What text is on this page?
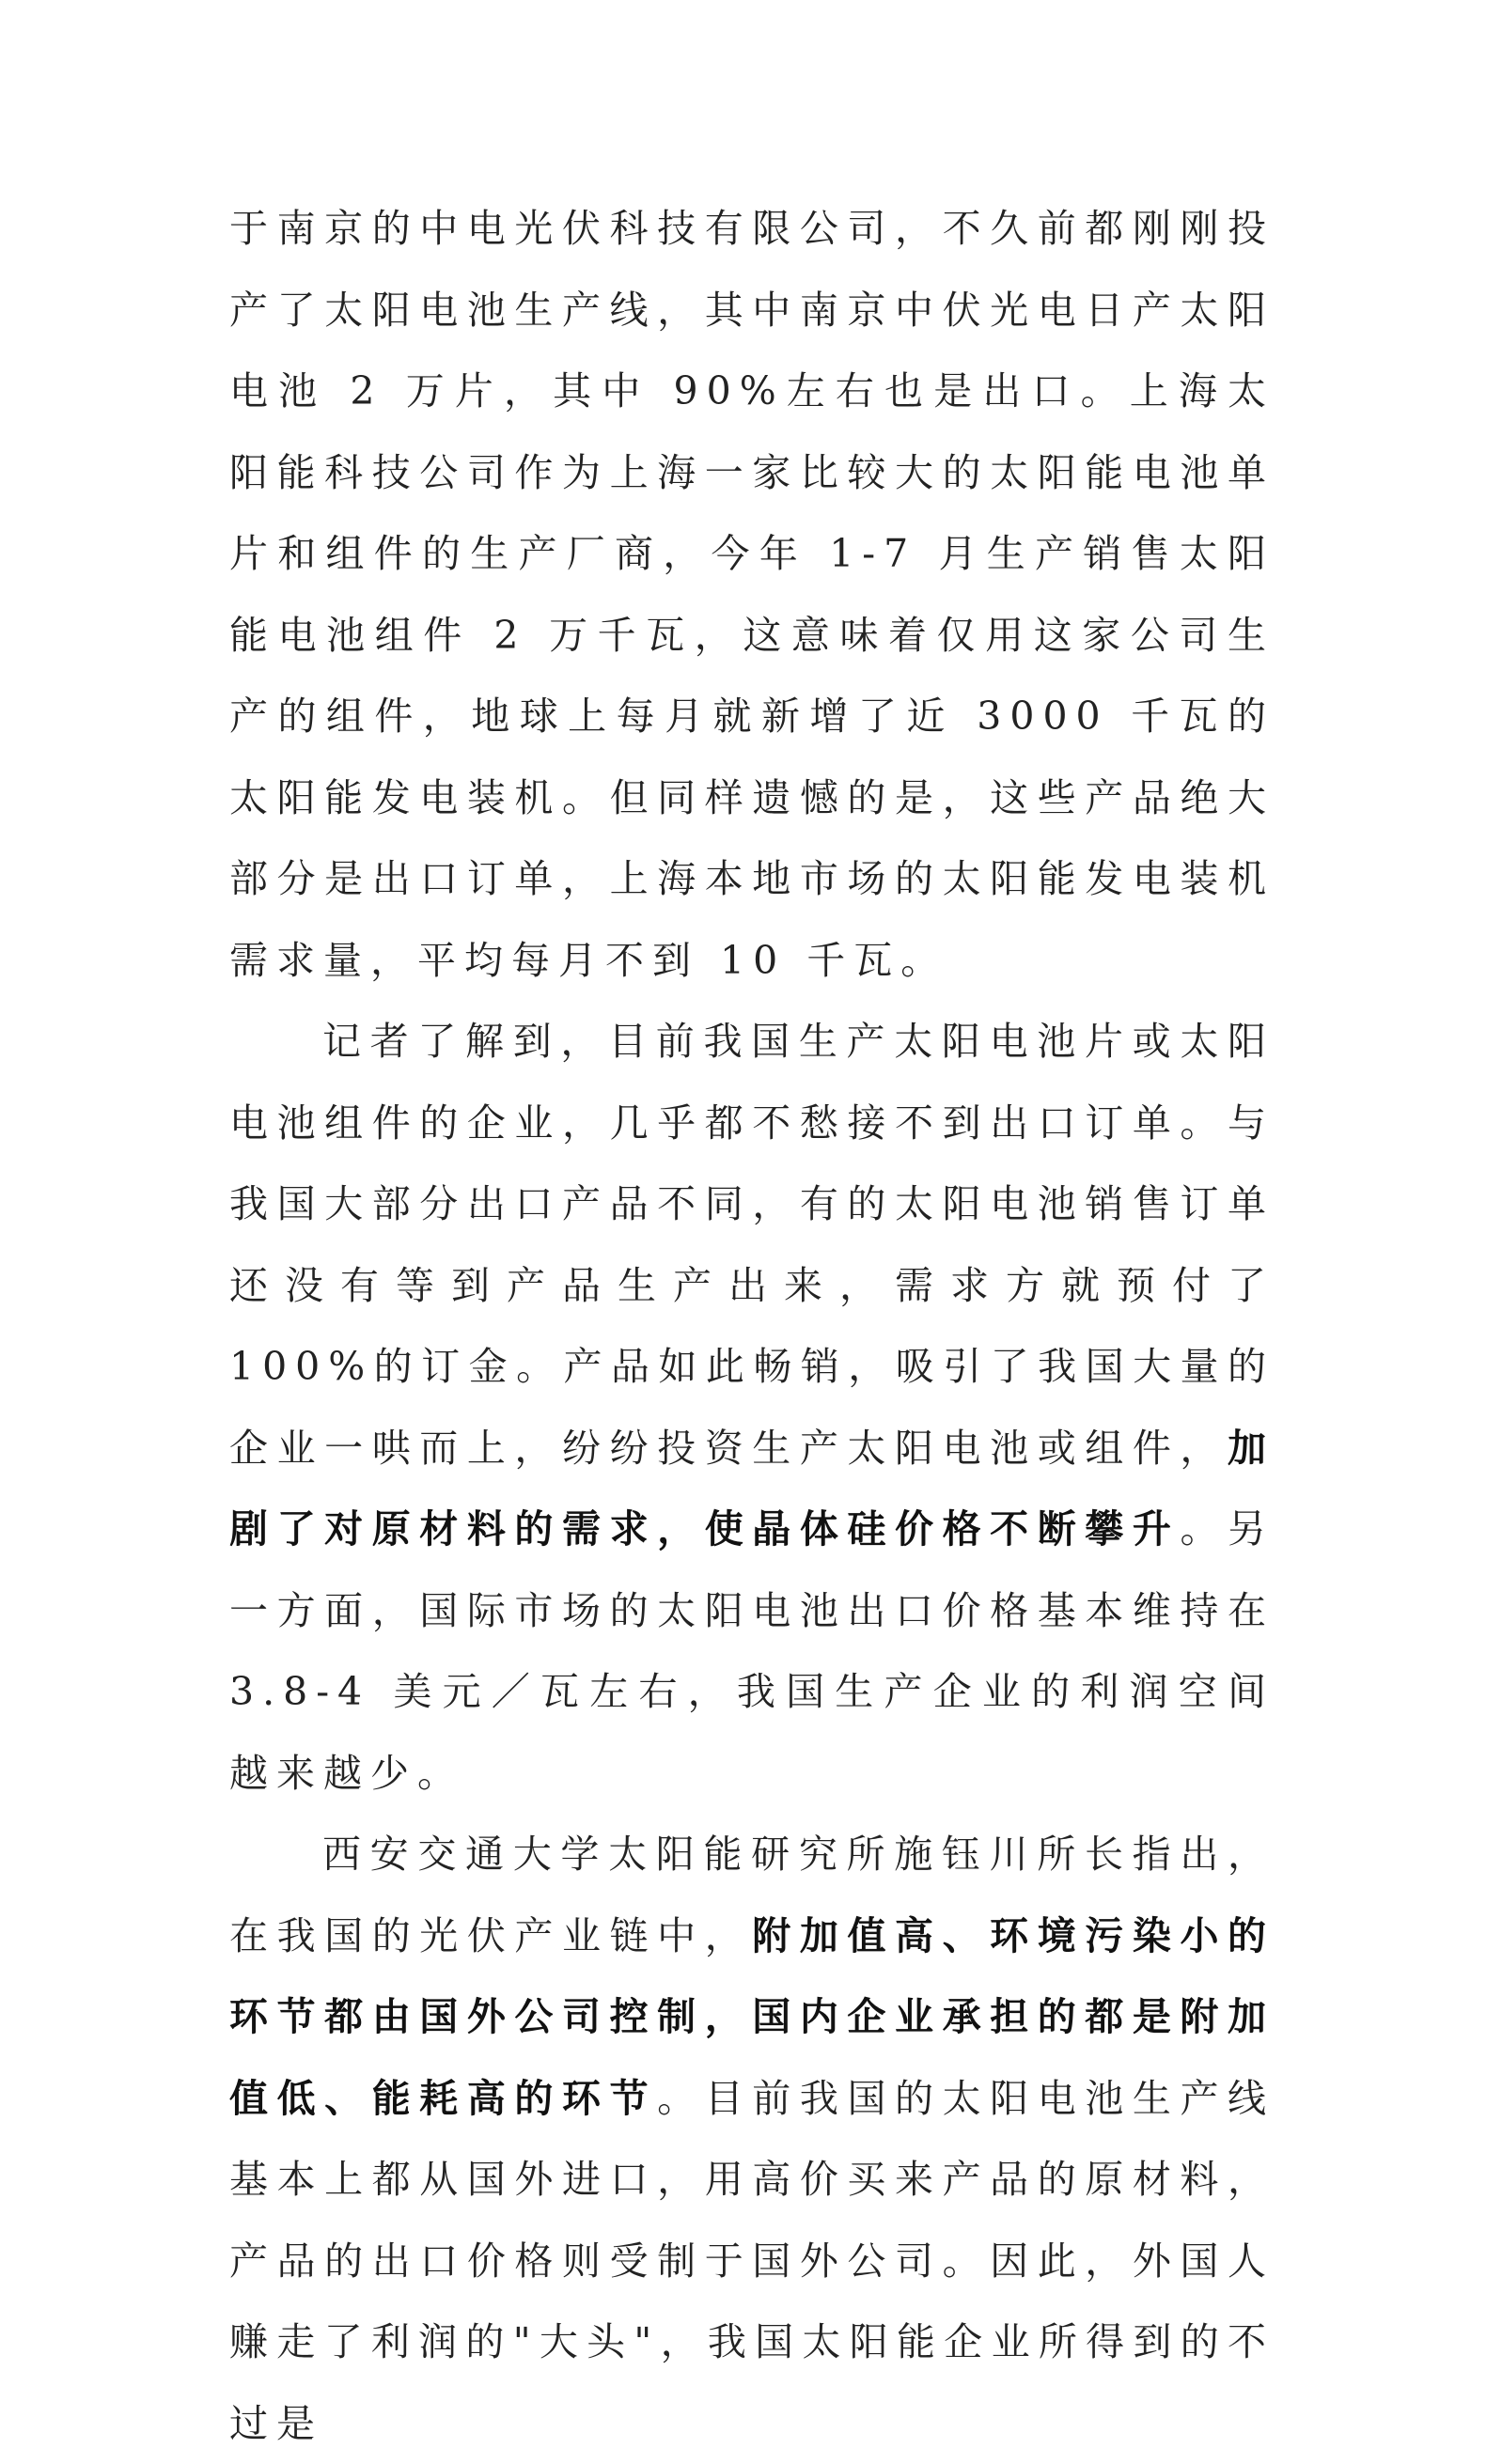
于南京的中电光伏科技有限公司，不久前都刚刚投产了太阳电池生产线，其中南京中伏光电日产太阳电池 2 万片，其中 90%左右也是出口。上海太阳能科技公司作为上海一家比较大的太阳能电池单片和组件的生产厂商，今年 1-7 月生产销售太阳能电池组件 2 万千瓦，这意味着仅用这家公司生产的组件，地球上每月就新增了近 3000 千瓦的太阳能发电装机。但同样遗憾的是，这些产品绝大部分是出口订单，上海本地市场的太阳能发电装机需求量，平均每月不到 10 千瓦。

记者了解到，目前我国生产太阳电池片或太阳电池组件的企业，几乎都不愁接不到出口订单。与我国大部分出口产品不同，有的太阳电池销售订单还没有等到产品生产出来，需求方就预付了 100%的订金。产品如此畅销，吸引了我国大量的企业一哄而上，纷纷投资生产太阳电池或组件，加剧了对原材料的需求，使晶体硅价格不断攀升。另一方面，国际市场的太阳电池出口价格基本维持在 3.8-4 美元／瓦左右，我国生产企业的利润空间越来越少。

西安交通大学太阳能研究所施钰川所长指出，在我国的光伏产业链中，附加值高、环境污染小的环节都由国外公司控制，国内企业承担的都是附加值低、能耗高的环节。目前我国的太阳电池生产线基本上都从国外进口，用高价买来产品的原材料，产品的出口价格则受制于国外公司。因此，外国人赚走了利润的"大头"，我国太阳能企业所得到的不过是
